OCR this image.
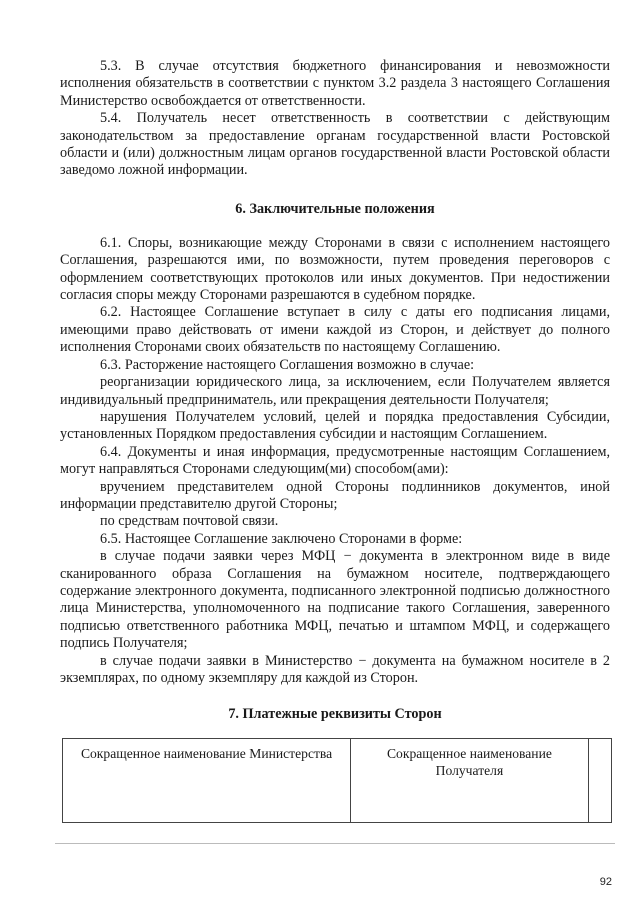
5.3. В случае отсутствия бюджетного финансирования и невозможности исполнения обязательств в соответствии с пунктом 3.2 раздела 3 настоящего Соглашения Министерство освобождается от ответственности.

5.4. Получатель несет ответственность в соответствии с действующим законодательством за предоставление органам государственной власти Ростовской области и (или) должностным лицам органов государственной власти Ростовской области заведомо ложной информации.

6. Заключительные положения

6.1. Споры, возникающие между Сторонами в связи с исполнением настоящего Соглашения, разрешаются ими, по возможности, путем проведения переговоров с оформлением соответствующих протоколов или иных документов. При недостижении согласия споры между Сторонами разрешаются в судебном порядке.

6.2. Настоящее Соглашение вступает в силу с даты его подписания лицами, имеющими право действовать от имени каждой из Сторон, и действует до полного исполнения Сторонами своих обязательств по настоящему Соглашению.

6.3. Расторжение настоящего Соглашения возможно в случае:

реорганизации юридического лица, за исключением, если Получателем является индивидуальный предприниматель, или прекращения деятельности Получателя;

нарушения Получателем условий, целей и порядка предоставления Субсидии, установленных Порядком предоставления субсидии и настоящим Соглашением.

6.4. Документы и иная информация, предусмотренные настоящим Соглашением, могут направляться Сторонами следующим(ми) способом(ами):

вручением представителем одной Стороны подлинников документов, иной информации представителю другой Стороны;

по средствам почтовой связи.

6.5. Настоящее Соглашение заключено Сторонами в форме:

в случае подачи заявки через МФЦ − документа в электронном виде в виде сканированного образа Соглашения на бумажном носителе, подтверждающего содержание электронного документа, подписанного электронной подписью должностного лица Министерства, уполномоченного на подписание такого Соглашения, заверенного подписью ответственного работника МФЦ, печатью и штампом МФЦ, и содержащего подпись Получателя;

в случае подачи заявки в Министерство − документа на бумажном носителе в 2 экземплярах, по одному экземпляру для каждой из Сторон.

7. Платежные реквизиты Сторон
Сокращенное наименование Министерства	Сокращенное наименование Получателя	
92
